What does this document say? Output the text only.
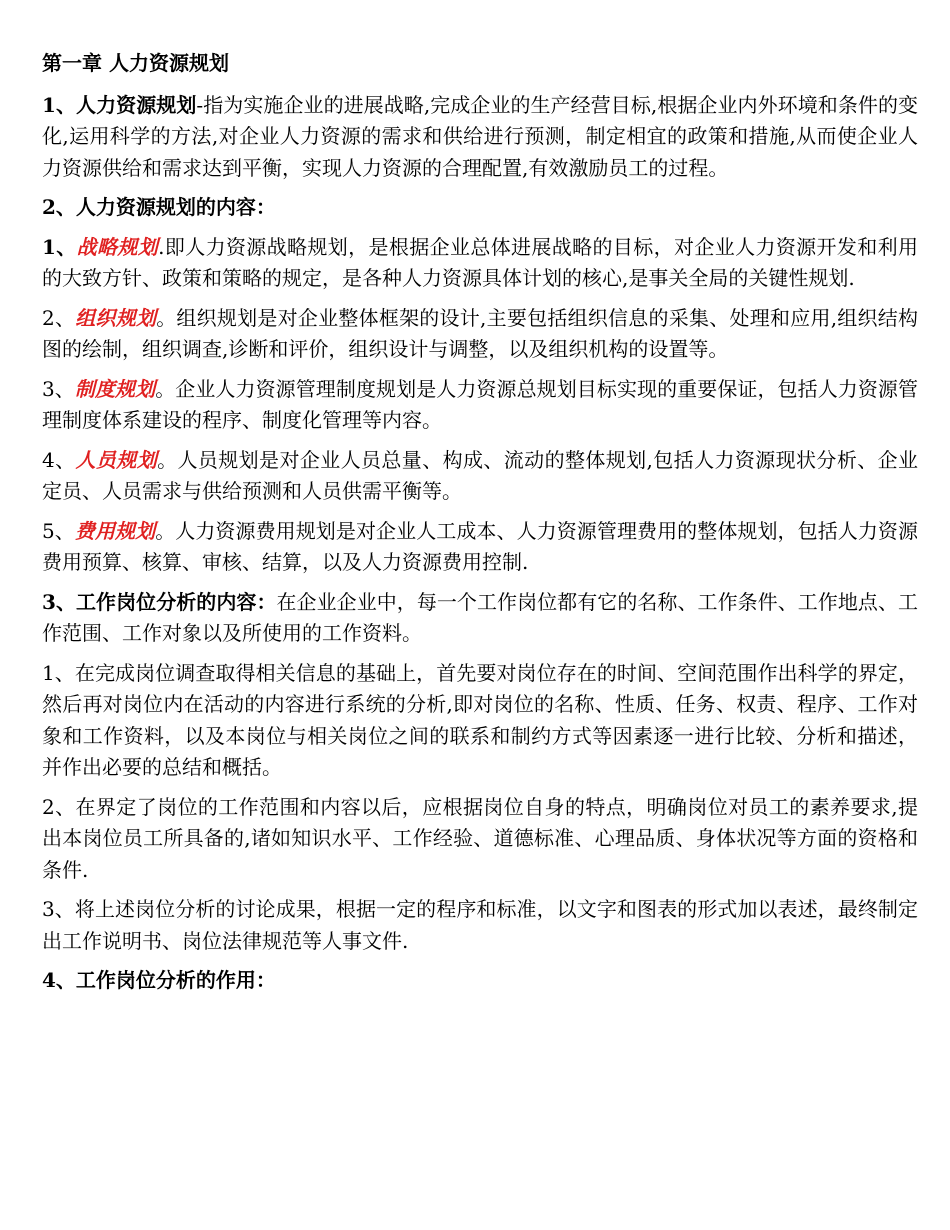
第一章 人力资源规划

1、人力资源规划-指为实施企业的进展战略,完成企业的生产经营目标,根据企业内外环境和条件的变化,运用科学的方法,对企业人力资源的需求和供给进行预测，制定相宜的政策和措施,从而使企业人力资源供给和需求达到平衡，实现人力资源的合理配置,有效激励员工的过程。

2、人力资源规划的内容：

1、战略规划.即人力资源战略规划，是根据企业总体进展战略的目标，对企业人力资源开发和利用的大致方针、政策和策略的规定，是各种人力资源具体计划的核心,是事关全局的关键性规划.

2、组织规划。组织规划是对企业整体框架的设计,主要包括组织信息的采集、处理和应用,组织结构图的绘制，组织调查,诊断和评价，组织设计与调整，以及组织机构的设置等。

3、制度规划。企业人力资源管理制度规划是人力资源总规划目标实现的重要保证，包括人力资源管理制度体系建设的程序、制度化管理等内容。

4、人员规划。人员规划是对企业人员总量、构成、流动的整体规划,包括人力资源现状分析、企业定员、人员需求与供给预测和人员供需平衡等。

5、费用规划。人力资源费用规划是对企业人工成本、人力资源管理费用的整体规划，包括人力资源费用预算、核算、审核、结算，以及人力资源费用控制.

3、工作岗位分析的内容：在企业企业中，每一个工作岗位都有它的名称、工作条件、工作地点、工作范围、工作对象以及所使用的工作资料。

1、在完成岗位调查取得相关信息的基础上，首先要对岗位存在的时间、空间范围作出科学的界定，然后再对岗位内在活动的内容进行系统的分析,即对岗位的名称、性质、任务、权责、程序、工作对象和工作资料，以及本岗位与相关岗位之间的联系和制约方式等因素逐一进行比较、分析和描述，并作出必要的总结和概括。

2、在界定了岗位的工作范围和内容以后，应根据岗位自身的特点，明确岗位对员工的素养要求,提出本岗位员工所具备的,诸如知识水平、工作经验、道德标准、心理品质、身体状况等方面的资格和条件.

3、将上述岗位分析的讨论成果，根据一定的程序和标准，以文字和图表的形式加以表述，最终制定出工作说明书、岗位法律规范等人事文件.

4、工作岗位分析的作用：
